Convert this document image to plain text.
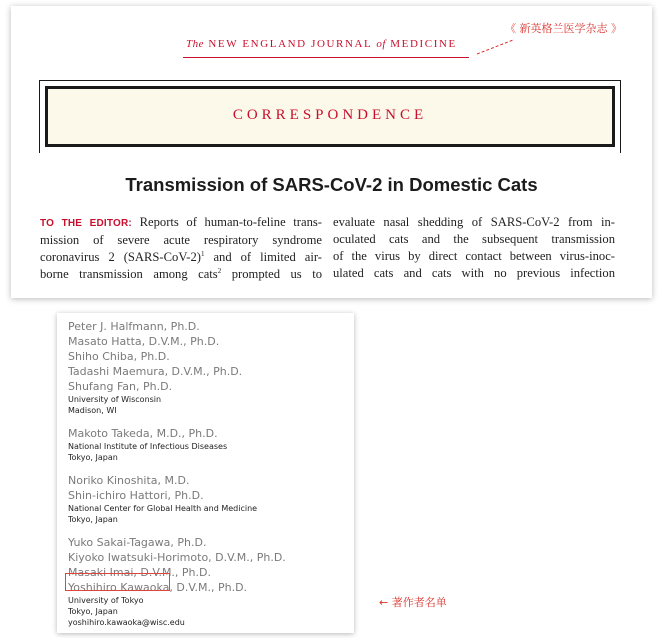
The NEW ENGLAND JOURNAL of MEDICINE
《 新英格兰医学杂志 》
CORRESPONDENCE
Transmission of SARS-CoV-2 in Domestic Cats
TO THE EDITOR: Reports of human-to-feline trans-
mission of severe acute respiratory syndrome
coronavirus 2 (SARS-CoV-2)$^1$ and of limited air-
borne transmission among cats$^2$ prompted us to
evaluate nasal shedding of SARS-CoV-2 from in-
oculated cats and the subsequent transmission
of the virus by direct contact between virus-inoc-
ulated cats and cats with no previous infection
Peter J. Halfmann, Ph.D.
Masato Hatta, D.V.M., Ph.D.
Shiho Chiba, Ph.D.
Tadashi Maemura, D.V.M., Ph.D.
Shufang Fan, Ph.D.
University of Wisconsin
Madison, WI
Makoto Takeda, M.D., Ph.D.
National Institute of Infectious Diseases
Tokyo, Japan
Noriko Kinoshita, M.D.
Shin-ichiro Hattori, Ph.D.
National Center for Global Health and Medicine
Tokyo, Japan
Yuko Sakai-Tagawa, Ph.D.
Kiyoko Iwatsuki-Horimoto, D.V.M., Ph.D.
Masaki Imai, D.V.M., Ph.D.
Yoshihiro Kawaoka, D.V.M., Ph.D.
University of Tokyo
Tokyo, Japan
yoshihiro.kawaoka@wisc.edu
← 著作者名单
